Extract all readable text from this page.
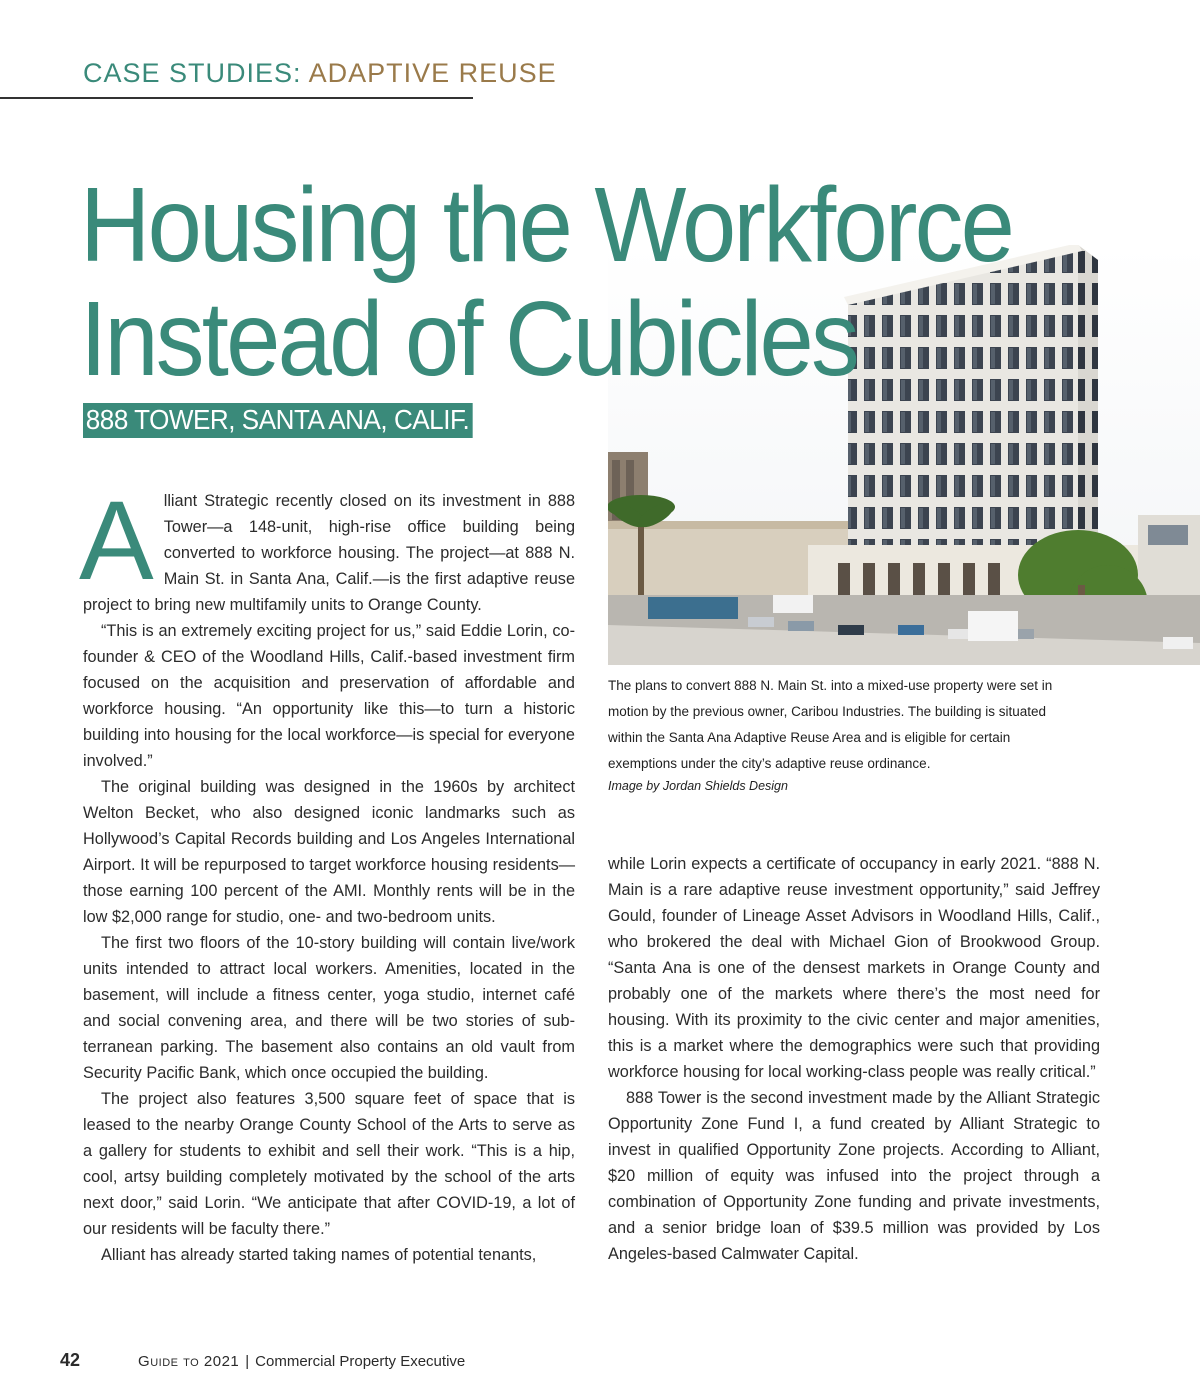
CASE STUDIES: ADAPTIVE REUSE
Housing the Workforce
Instead of Cubicles
888 TOWER, SANTA ANA, CALIF.
The plans to convert 888 N. Main St. into a mixed-use property were set in motion by the previous owner, Caribou Industries. The building is situated within the Santa Ana Adaptive Reuse Area and is eligible for certain exemptions under the city’s adaptive reuse ordinance.
Image by Jordan Shields Design

Alliant Strategic recently closed on its investment in 888 Tower—a 148-unit, high-rise office building being converted to workforce housing. The project—at 888 N. Main St. in Santa Ana, Calif.—is the first adaptive reuse project to bring new multifamily units to Orange County.

“This is an extremely exciting project for us,” said Eddie Lorin, co-founder & CEO of the Woodland Hills, Calif.-based investment firm focused on the acquisition and preservation of affordable and workforce housing. “An opportunity like this—to turn a historic building into housing for the local workforce—is special for everyone involved.”

The original building was designed in the 1960s by architect Welton Becket, who also designed iconic landmarks such as Hollywood’s Capital Records building and Los Angeles International Airport. It will be repurposed to target workforce housing residents—those earning 100 percent of the AMI. Monthly rents will be in the low $2,000 range for studio, one- and two-bedroom units.

The first two floors of the 10-story building will contain live/work units intended to attract local workers. Amenities, located in the basement, will include a fitness center, yoga studio, internet café and social convening area, and there will be two stories of subterranean parking. The basement also contains an old vault from Security Pacific Bank, which once occupied the building.

The project also features 3,500 square feet of space that is leased to the nearby Orange County School of the Arts to serve as a gallery for students to exhibit and sell their work. “This is a hip, cool, artsy building completely motivated by the school of the arts next door,” said Lorin. “We anticipate that after COVID-19, a lot of our residents will be faculty there.”

Alliant has already started taking names of potential tenants,

while Lorin expects a certificate of occupancy in early 2021. “888 N. Main is a rare adaptive reuse investment opportunity,” said Jeffrey Gould, founder of Lineage Asset Advisors in Woodland Hills, Calif., who brokered the deal with Michael Gion of Brookwood Group. “Santa Ana is one of the densest markets in Orange County and probably one of the markets where there’s the most need for housing. With its proximity to the civic center and major amenities, this is a market where the demographics were such that providing workforce housing for local working-class people was really critical.”

888 Tower is the second investment made by the Alliant Strategic Opportunity Zone Fund I, a fund created by Alliant Strategic to invest in qualified Opportunity Zone projects. According to Alliant, $20 million of equity was infused into the project through a combination of Opportunity Zone funding and private investments, and a senior bridge loan of $39.5 million was provided by Los Angeles-based Calmwater Capital.

42	Guide to 2021 | Commercial Property Executive
